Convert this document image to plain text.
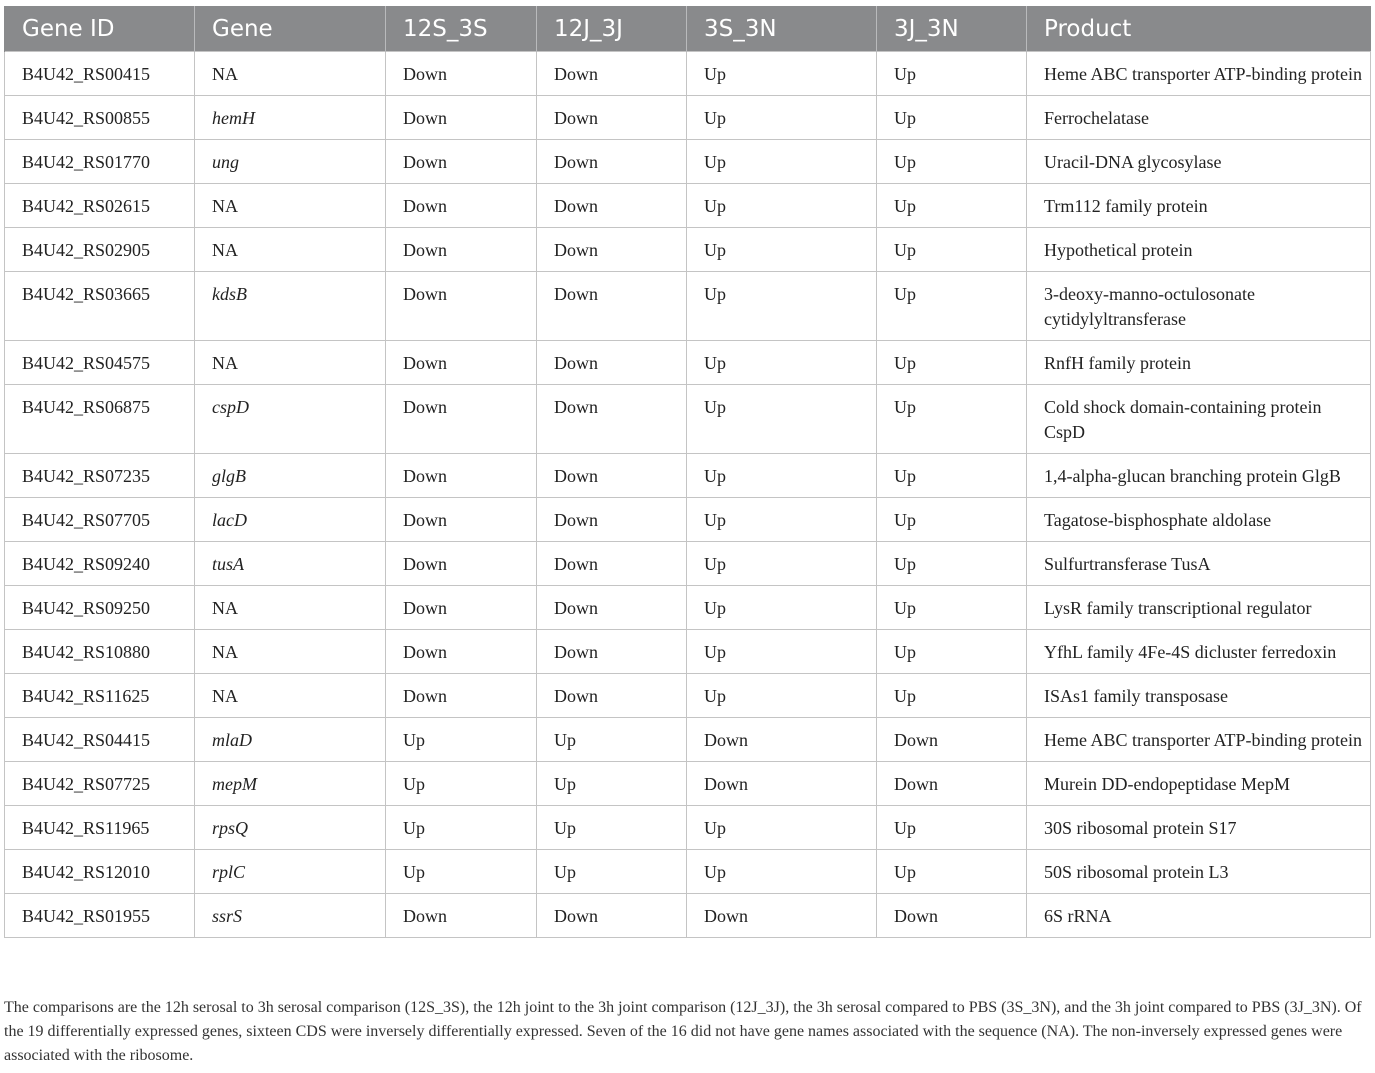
Gene ID	Gene	12S_3S	12J_3J	3S_3N	3J_3N	Product
B4U42_RS00415	NA	Down	Down	Up	Up	Heme ABC transporter ATP-binding protein
B4U42_RS00855	hemH	Down	Down	Up	Up	Ferrochelatase
B4U42_RS01770	ung	Down	Down	Up	Up	Uracil-DNA glycosylase
B4U42_RS02615	NA	Down	Down	Up	Up	Trm112 family protein
B4U42_RS02905	NA	Down	Down	Up	Up	Hypothetical protein
B4U42_RS03665	kdsB	Down	Down	Up	Up	3-deoxy-manno-octulosonate cytidylyltransferase
B4U42_RS04575	NA	Down	Down	Up	Up	RnfH family protein
B4U42_RS06875	cspD	Down	Down	Up	Up	Cold shock domain-containing protein CspD
B4U42_RS07235	glgB	Down	Down	Up	Up	1,4-alpha-glucan branching protein GlgB
B4U42_RS07705	lacD	Down	Down	Up	Up	Tagatose-bisphosphate aldolase
B4U42_RS09240	tusA	Down	Down	Up	Up	Sulfurtransferase TusA
B4U42_RS09250	NA	Down	Down	Up	Up	LysR family transcriptional regulator
B4U42_RS10880	NA	Down	Down	Up	Up	YfhL family 4Fe-4S dicluster ferredoxin
B4U42_RS11625	NA	Down	Down	Up	Up	ISAs1 family transposase
B4U42_RS04415	mlaD	Up	Up	Down	Down	Heme ABC transporter ATP-binding protein
B4U42_RS07725	mepM	Up	Up	Down	Down	Murein DD-endopeptidase MepM
B4U42_RS11965	rpsQ	Up	Up	Up	Up	30S ribosomal protein S17
B4U42_RS12010	rplC	Up	Up	Up	Up	50S ribosomal protein L3
B4U42_RS01955	ssrS	Down	Down	Down	Down	6S rRNA
The comparisons are the 12h serosal to 3h serosal comparison (12S_3S), the 12h joint to the 3h joint comparison (12J_3J), the 3h serosal compared to PBS (3S_3N), and the 3h joint compared to PBS (3J_3N). Of the 19 differentially expressed genes, sixteen CDS were inversely differentially expressed. Seven of the 16 did not have gene names associated with the sequence (NA). The non-inversely expressed genes were associated with the ribosome.
